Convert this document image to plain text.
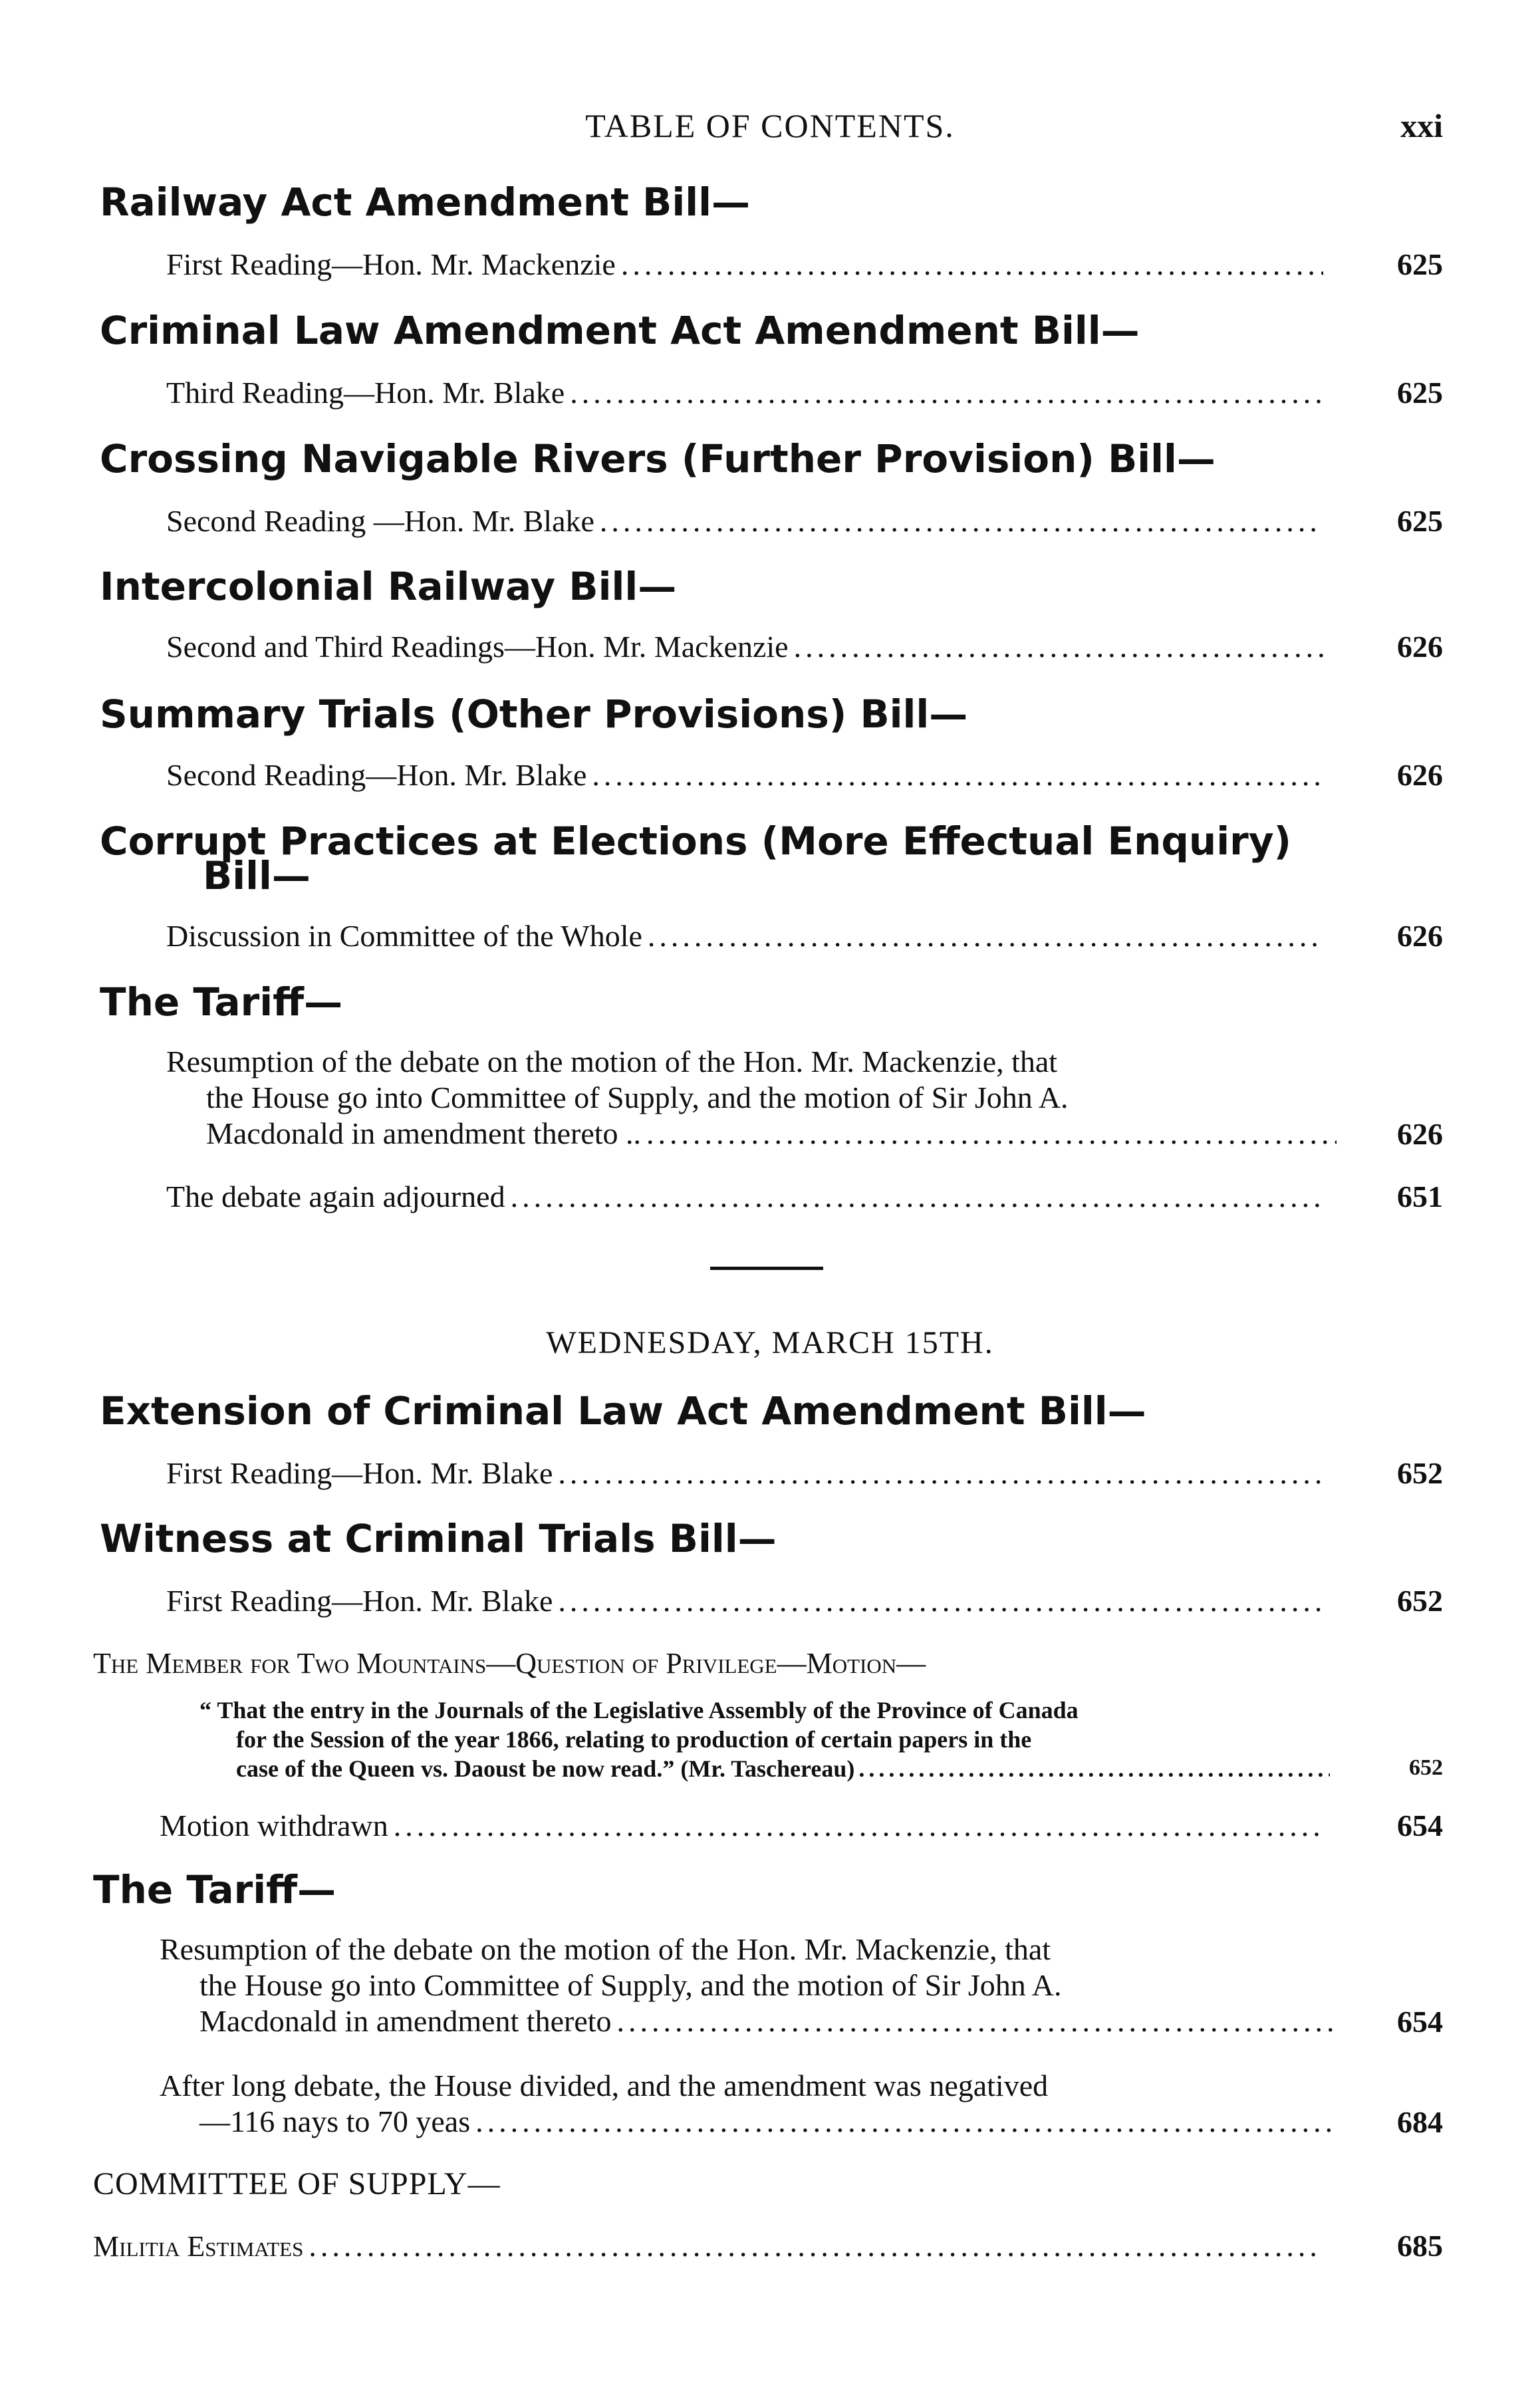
TABLE OF CONTENTS.	xxi
Railway Act Amendment Bill—
First Reading—Hon. Mr. Mackenzie .....	625
Criminal Law Amendment Act Amendment Bill—
Third Reading—Hon. Mr. Blake .....	625
Crossing Navigable Rivers (Further Provision) Bill—
Second Reading —Hon. Mr. Blake .....	625
Intercolonial Railway Bill—
Second and Third Readings—Hon. Mr. Mackenzie .....	626
Summary Trials (Other Provisions) Bill—
Second Reading—Hon. Mr. Blake .....	626
Corrupt Practices at Elections (More Effectual Enquiry)
Bill—
Discussion in Committee of the Whole .....	626
The Tariff—
Resumption of the debate on the motion of the Hon. Mr. Mackenzie, that
the House go into Committee of Supply, and the motion of Sir John A.
Macdonald in amendment thereto .. .....	626
The debate again adjourned .....	651
WEDNESDAY, MARCH 15TH.
Extension of Criminal Law Act Amendment Bill—
First Reading—Hon. Mr. Blake .....	652
Witness at Criminal Trials Bill—
First Reading—Hon. Mr. Blake .....	652
The Member for Two Mountains—Question of Privilege—Motion—
“ That the entry in the Journals of the Legislative Assembly of the Province of Canada
for the Session of the year 1866, relating to production of certain papers in the
case of the Queen vs. Daoust be now read.” (Mr. Taschereau) .....	652
Motion withdrawn .....	654
The Tariff—
Resumption of the debate on the motion of the Hon. Mr. Mackenzie, that
the House go into Committee of Supply, and the motion of Sir John A.
Macdonald in amendment thereto .....	654
After long debate, the House divided, and the amendment was negatived
—116 nays to 70 yeas .....	684
COMMITTEE OF SUPPLY—
Militia Estimates .....	685
